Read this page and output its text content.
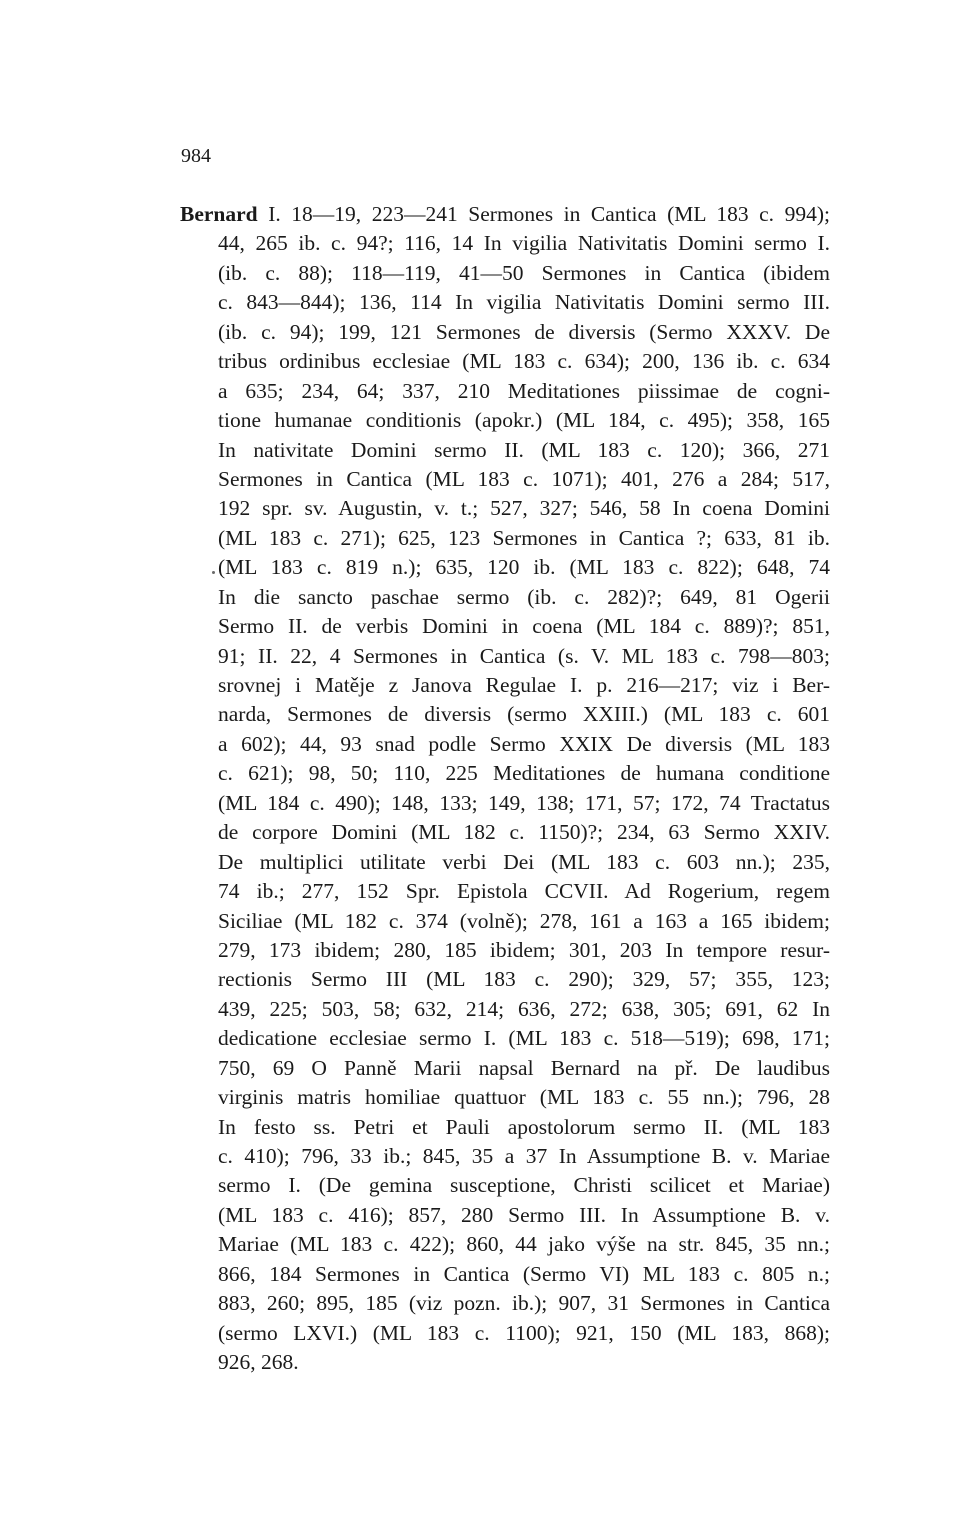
984
Bernard I. 18—19, 223—241 Sermones in Cantica (ML 183 c. 994);
44, 265 ib. c. 94?; 116, 14 In vigilia Nativitatis Domini sermo I.
(ib. c. 88); 118—119, 41—50 Sermones in Cantica (ibidem
c. 843—844); 136, 114 In vigilia Nativitatis Domini sermo III.
(ib. c. 94); 199, 121 Sermones de diversis (Sermo XXXV. De
tribus ordinibus ecclesiae (ML 183 c. 634); 200, 136 ib. c. 634
a 635; 234, 64; 337, 210 Meditationes piissimae de cogni-
tione humanae conditionis (apokr.) (ML 184, c. 495); 358, 165
In nativitate Domini sermo II. (ML 183 c. 120); 366, 271
Sermones in Cantica (ML 183 c. 1071); 401, 276 a 284; 517,
192 spr. sv. Augustin, v. t.; 527, 327; 546, 58 In coena Domini
(ML 183 c. 271); 625, 123 Sermones in Cantica ?; 633, 81 ib.
(ML 183 c. 819 n.); 635, 120 ib. (ML 183 c. 822); 648, 74
In die sancto paschae sermo (ib. c. 282)?; 649, 81 Ogerii
Sermo II. de verbis Domini in coena (ML 184 c. 889)?; 851,
91; II. 22, 4 Sermones in Cantica (s. V. ML 183 c. 798—803;
srovnej i Matěje z Janova Regulae I. p. 216—217; viz i Ber-
narda, Sermones de diversis (sermo XXIII.) (ML 183 c. 601
a 602); 44, 93 snad podle Sermo XXIX De diversis (ML 183
c. 621); 98, 50; 110, 225 Meditationes de humana conditione
(ML 184 c. 490); 148, 133; 149, 138; 171, 57; 172, 74 Tractatus
de corpore Domini (ML 182 c. 1150)?; 234, 63 Sermo XXIV.
De multiplici utilitate verbi Dei (ML 183 c. 603 nn.); 235,
74 ib.; 277, 152 Spr. Epistola CCVII. Ad Rogerium, regem
Siciliae (ML 182 c. 374 (volně); 278, 161 a 163 a 165 ibidem;
279, 173 ibidem; 280, 185 ibidem; 301, 203 In tempore resur-
rectionis Sermo III (ML 183 c. 290); 329, 57; 355, 123;
439, 225; 503, 58; 632, 214; 636, 272; 638, 305; 691, 62 In
dedicatione ecclesiae sermo I. (ML 183 c. 518—519); 698, 171;
750, 69 O Panně Marii napsal Bernard na př. De laudibus
virginis matris homiliae quattuor (ML 183 c. 55 nn.); 796, 28
In festo ss. Petri et Pauli apostolorum sermo II. (ML 183
c. 410); 796, 33 ib.; 845, 35 a 37 In Assumptione B. v. Mariae
sermo I. (De gemina susceptione, Christi scilicet et Mariae)
(ML 183 c. 416); 857, 280 Sermo III. In Assumptione B. v.
Mariae (ML 183 c. 422); 860, 44 jako výše na str. 845, 35 nn.;
866, 184 Sermones in Cantica (Sermo VI) ML 183 c. 805 n.;
883, 260; 895, 185 (viz pozn. ib.); 907, 31 Sermones in Cantica
(sermo LXVI.) (ML 183 c. 1100); 921, 150 (ML 183, 868);
926, 268.
